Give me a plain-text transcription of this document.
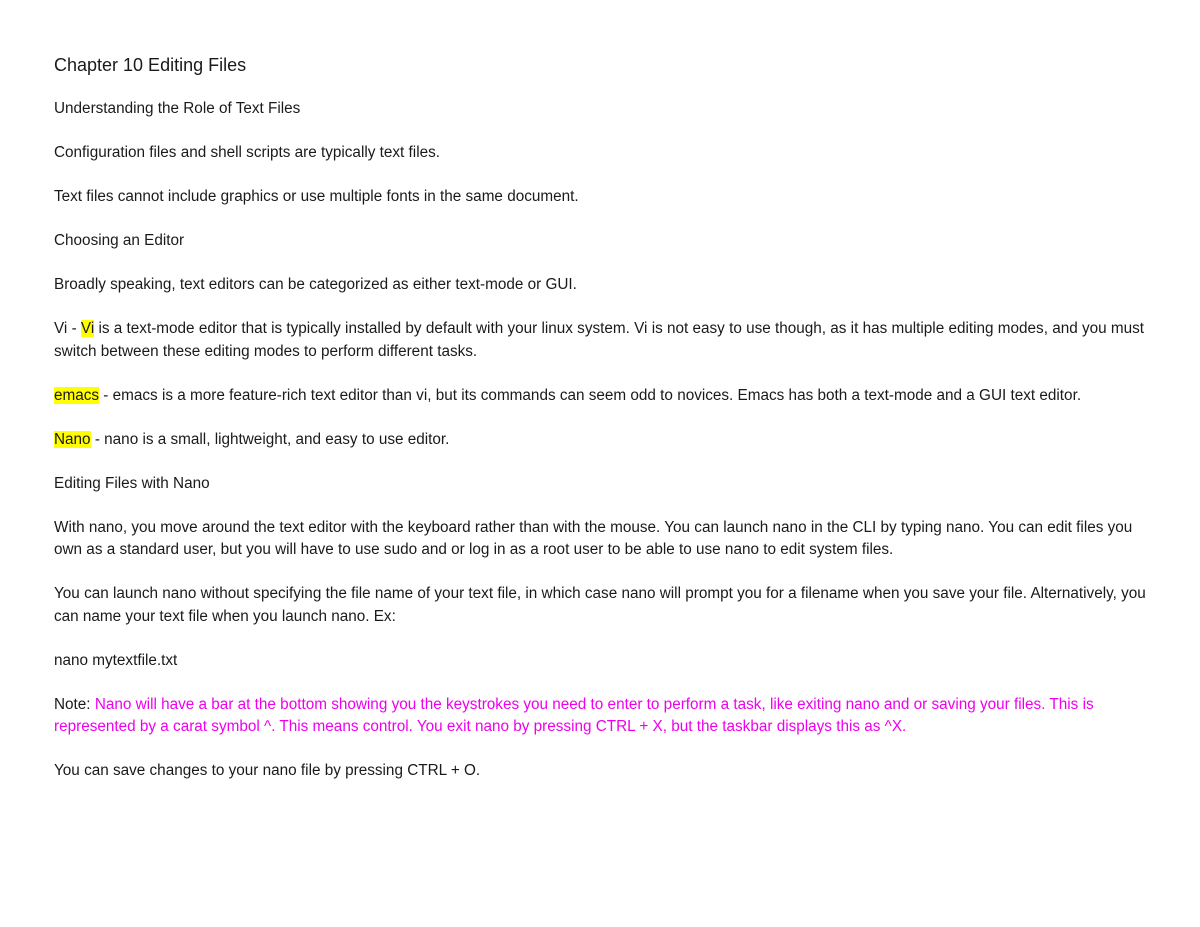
Chapter 10 Editing Files

Understanding the Role of Text Files

Configuration files and shell scripts are typically text files.

Text files cannot include graphics or use multiple fonts in the same document.

Choosing an Editor

Broadly speaking, text editors can be categorized as either text-mode or GUI.

Vi - Vi is a text-mode editor that is typically installed by default with your linux system. Vi is not easy to use though, as it has multiple editing modes, and you must switch between these editing modes to perform different tasks.

emacs - emacs is a more feature-rich text editor than vi, but its commands can seem odd to novices. Emacs has both a text-mode and a GUI text editor.

Nano - nano is a small, lightweight, and easy to use editor.

Editing Files with Nano

With nano, you move around the text editor with the keyboard rather than with the mouse. You can launch nano in the CLI by typing nano. You can edit files you own as a standard user, but you will have to use sudo and or log in as a root user to be able to use nano to edit system files.

You can launch nano without specifying the file name of your text file, in which case nano will prompt you for a filename when you save your file. Alternatively, you can name your text file when you launch nano. Ex:

nano mytextfile.txt

Note: Nano will have a bar at the bottom showing you the keystrokes you need to enter to perform a task, like exiting nano and or saving your files. This is represented by a carat symbol ^. This means control. You exit nano by pressing CTRL + X, but the taskbar displays this as ^X.

You can save changes to your nano file by pressing CTRL + O.
